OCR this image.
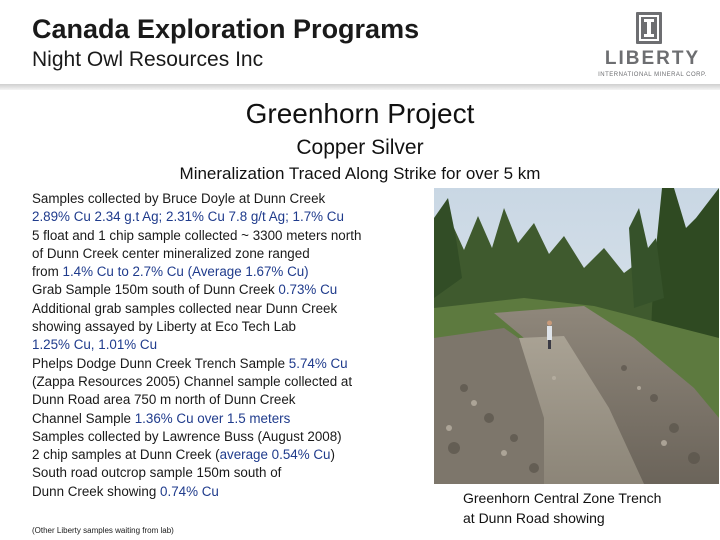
Canada Exploration Programs
Night Owl Resources Inc	LIBERTY
INTERNATIONAL MINERAL CORP.
Greenhorn Project
Copper Silver
Mineralization Traced Along Strike for over 5 km
Samples collected by Bruce Doyle at Dunn Creek
2.89% Cu 2.34 g.t Ag; 2.31% Cu 7.8 g/t Ag; 1.7% Cu
5 float and 1 chip sample collected ~ 3300 meters north
of Dunn Creek center mineralized zone ranged
from 1.4% Cu to 2.7% Cu (Average 1.67% Cu)
Grab Sample 150m south of Dunn Creek 0.73% Cu
Additional grab samples collected near Dunn Creek
showing assayed by Liberty at Eco Tech Lab
1.25% Cu, 1.01% Cu
Phelps Dodge Dunn Creek Trench Sample 5.74% Cu
(Zappa Resources 2005) Channel sample collected at
Dunn Road area 750 m north of Dunn Creek
Channel Sample 1.36% Cu over 1.5 meters
Samples collected by Lawrence Buss (August 2008)
2 chip samples at Dunn Creek (average 0.54% Cu)
South road outcrop sample 150m south of
Dunn Creek showing 0.74% Cu
(Other Liberty samples waiting from lab)
Greenhorn Central Zone Trench
at Dunn Road showing
